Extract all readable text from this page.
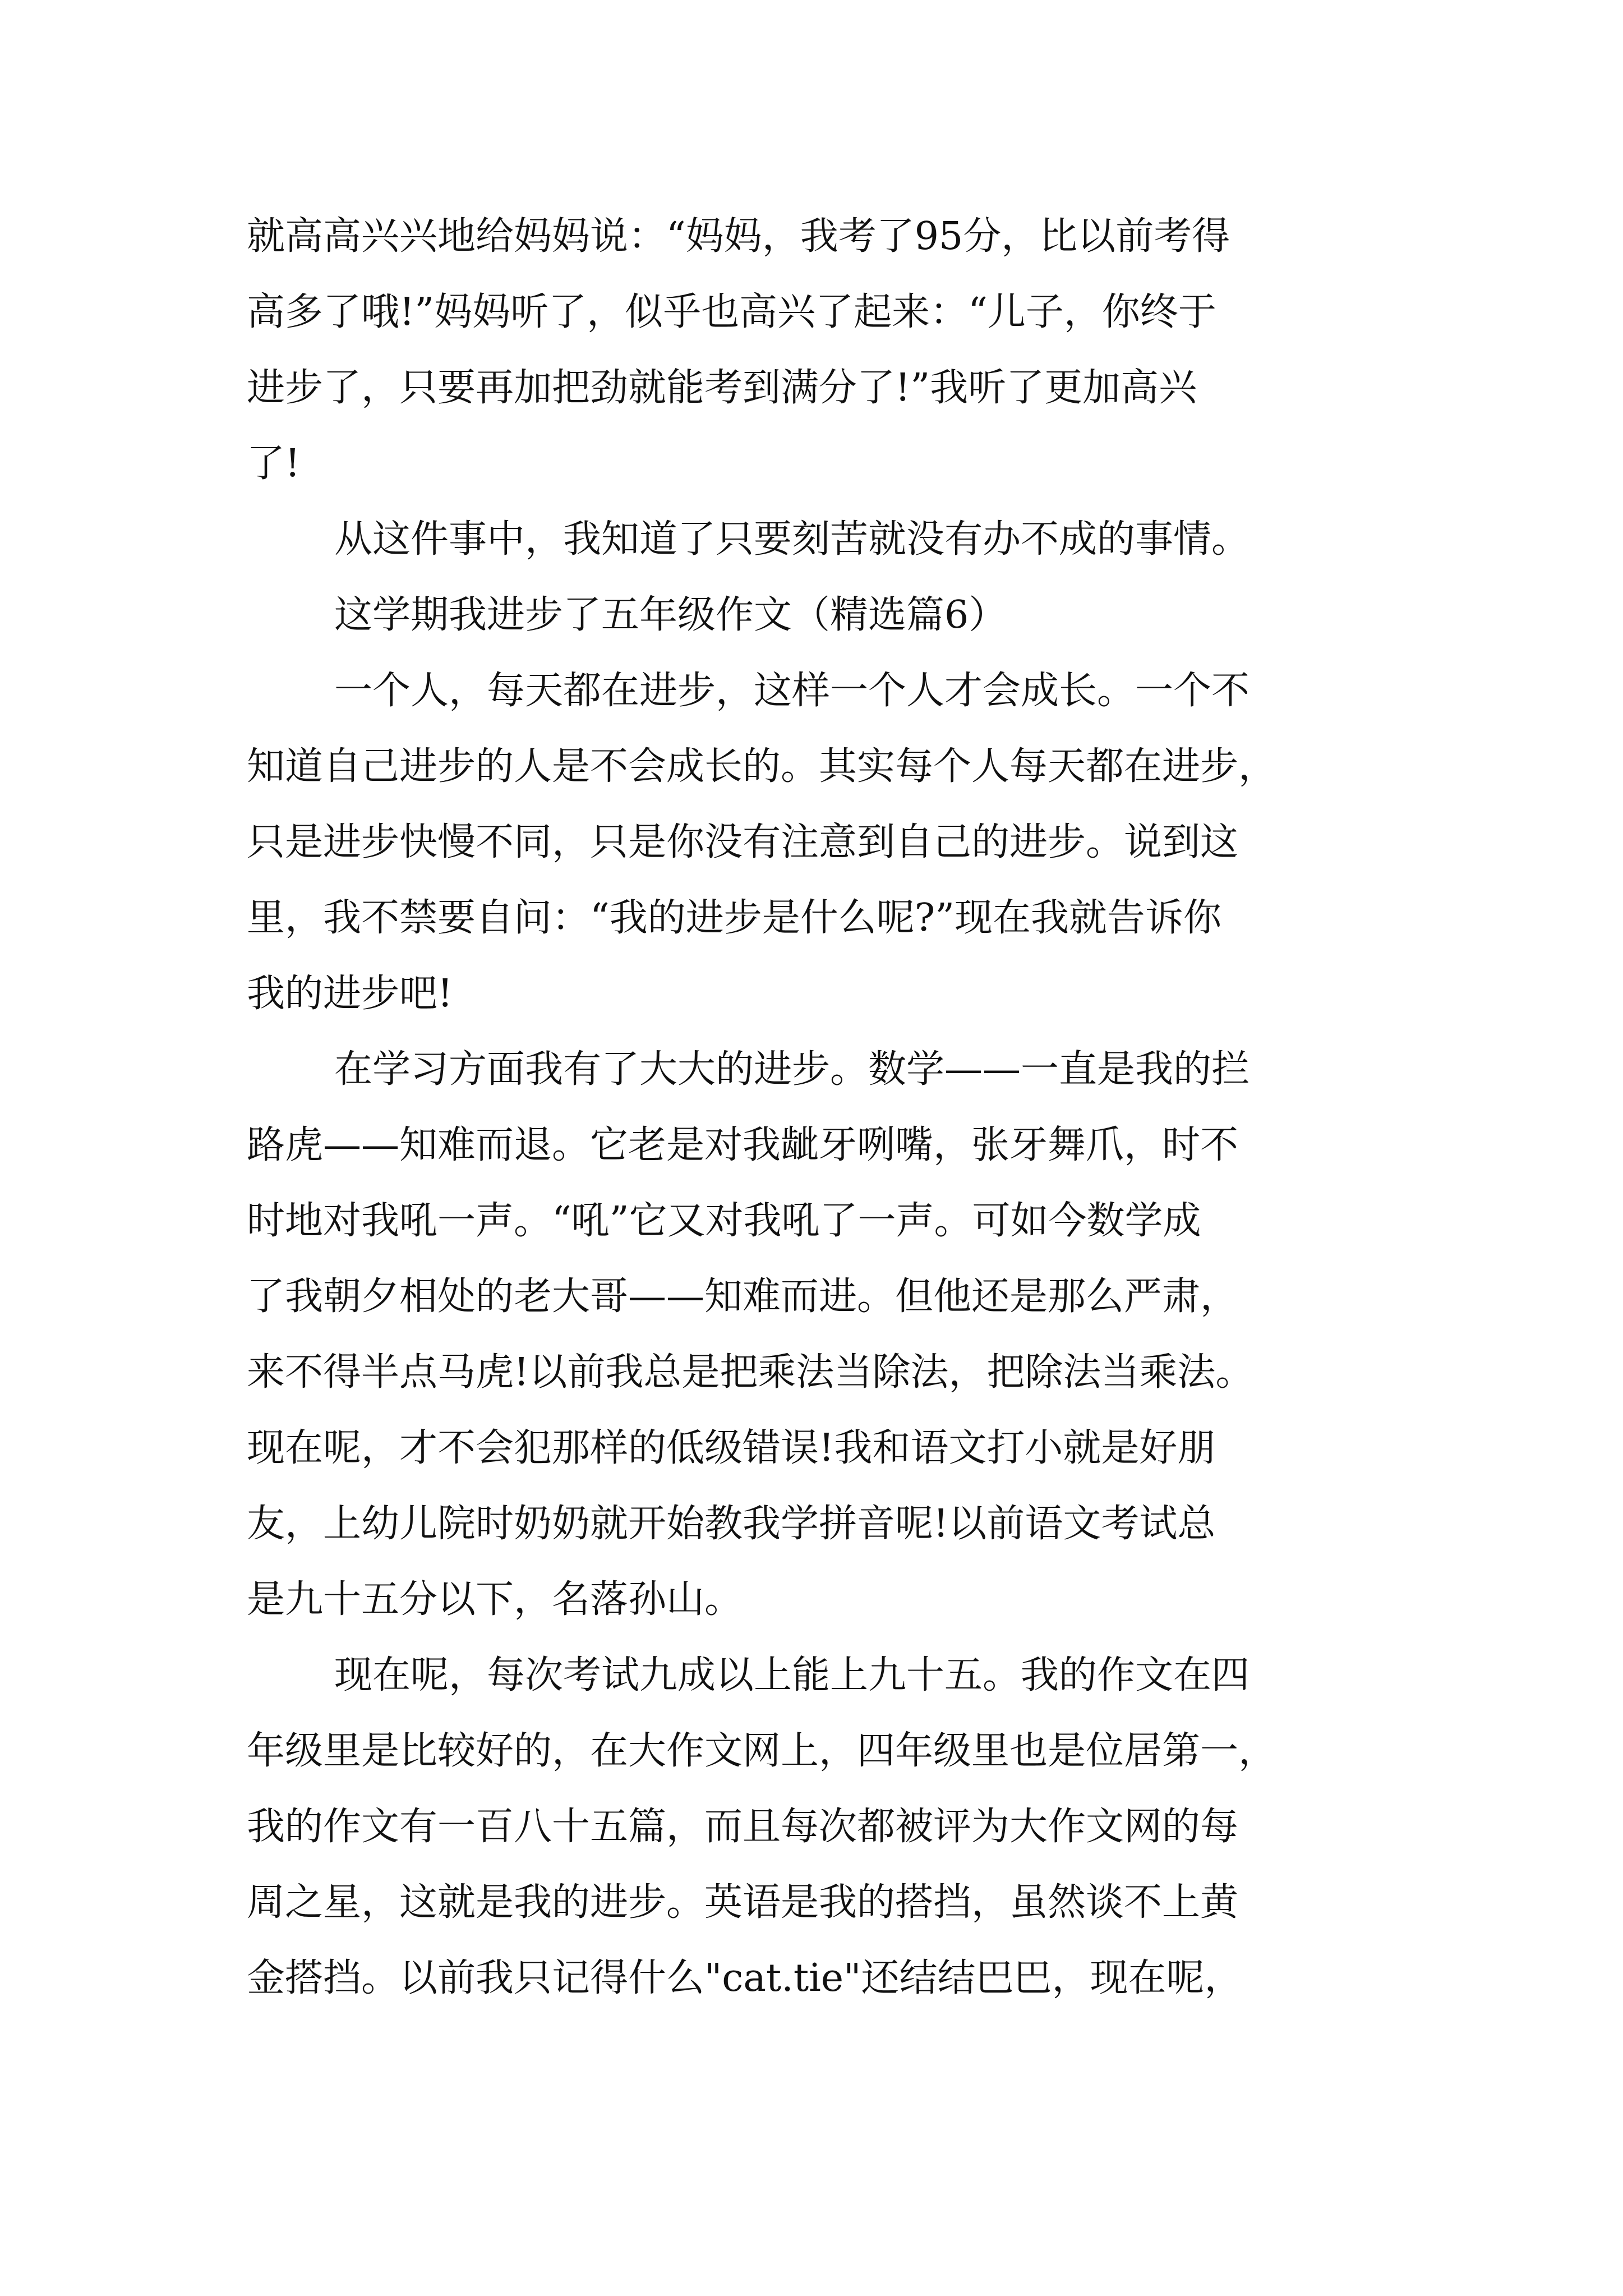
就高高兴兴地给妈妈说：“妈妈，我考了95分，比以前考得

高多了哦!”妈妈听了，似乎也高兴了起来：“儿子，你终于

进步了，只要再加把劲就能考到满分了!”我听了更加高兴

了!

从这件事中，我知道了只要刻苦就没有办不成的事情。

这学期我进步了五年级作文（精选篇6）

一个人，每天都在进步，这样一个人才会成长。一个不

知道自己进步的人是不会成长的。其实每个人每天都在进步，

只是进步快慢不同，只是你没有注意到自己的进步。说到这

里，我不禁要自问：“我的进步是什么呢?”现在我就告诉你

我的进步吧!

在学习方面我有了大大的进步。数学——一直是我的拦

路虎——知难而退。它老是对我龇牙咧嘴，张牙舞爪，时不

时地对我吼一声。“吼”它又对我吼了一声。可如今数学成

了我朝夕相处的老大哥——知难而进。但他还是那么严肃，

来不得半点马虎!以前我总是把乘法当除法，把除法当乘法。

现在呢，才不会犯那样的低级错误!我和语文打小就是好朋

友，上幼儿院时奶奶就开始教我学拼音呢!以前语文考试总

是九十五分以下，名落孙山。

现在呢，每次考试九成以上能上九十五。我的作文在四

年级里是比较好的，在大作文网上，四年级里也是位居第一，

我的作文有一百八十五篇，而且每次都被评为大作文网的每

周之星，这就是我的进步。英语是我的搭挡，虽然谈不上黄

金搭挡。以前我只记得什么"cat.tie"还结结巴巴，现在呢，
